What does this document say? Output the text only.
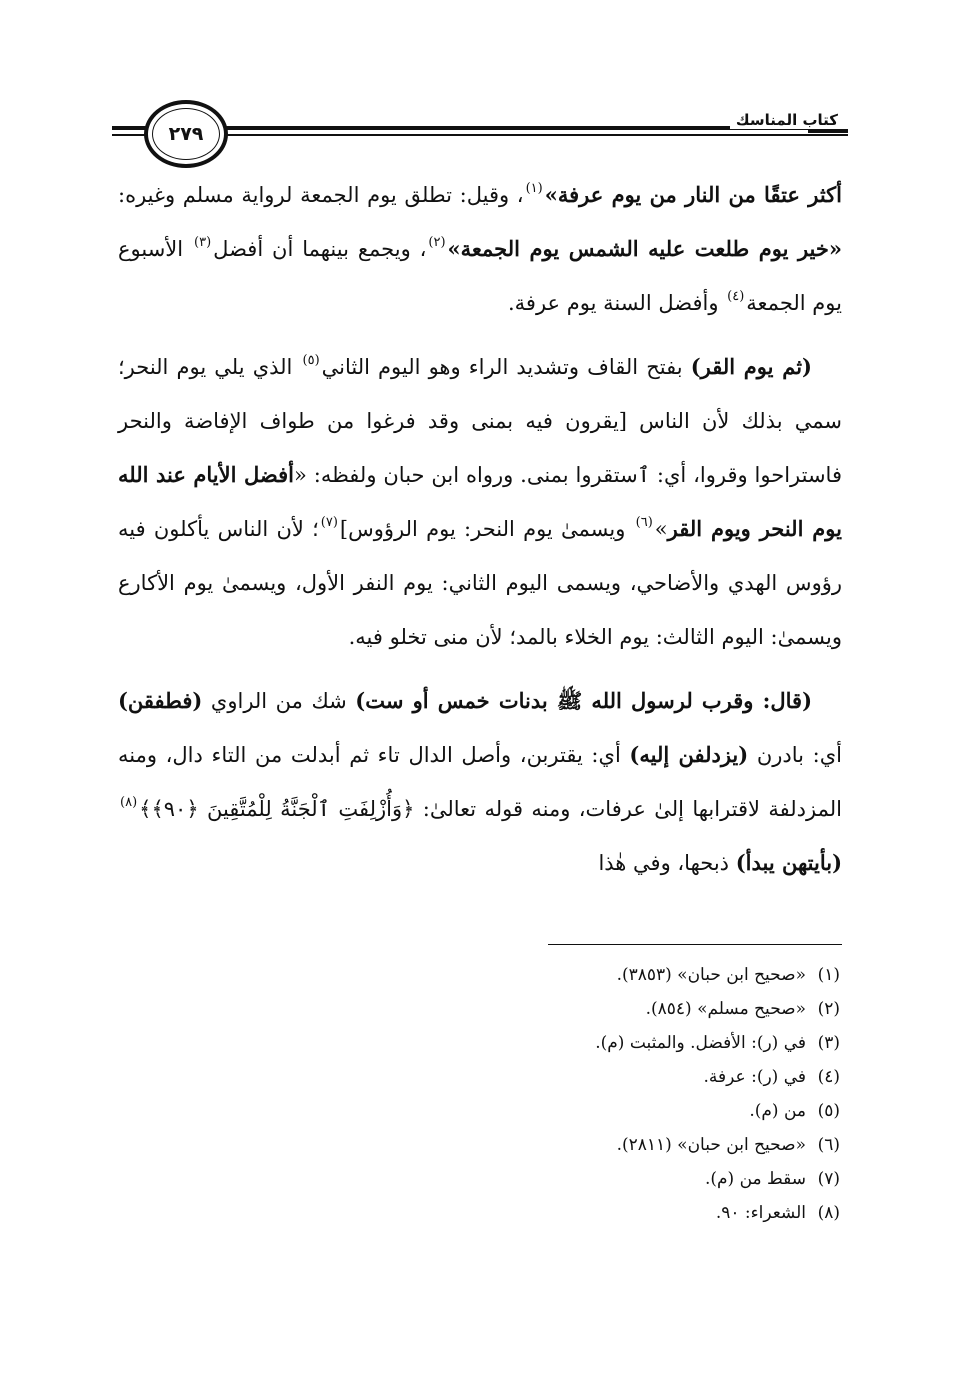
كتاب المناسك
٢٧٩

أكثر عتقًا من النار من يوم عرفة»$^{(١)}$، وقيل: تطلق يوم الجمعة لرواية مسلم وغيره: «خير يوم طلعت عليه الشمس يوم الجمعة»$^{(٢)}$، ويجمع بينهما أن أفضل$^{(٣)}$ الأسبوع يوم الجمعة$^{(٤)}$ وأفضل السنة يوم عرفة.

(ثم يوم القر) بفتح القاف وتشديد الراء وهو اليوم الثاني$^{(٥)}$ الذي يلي يوم النحر؛ سمي بذلك لأن الناس [يقرون فيه بمنى وقد فرغوا من طواف الإفاضة والنحر فاستراحوا وقروا، أي: ٱستقروا بمنى. ورواه ابن حبان ولفظه: «أفضل الأيام عند الله يوم النحر ويوم القر»$^{(٦)}$ ويسمىٰ يوم النحر: يوم الرؤوس]$^{(٧)}$؛ لأن الناس يأكلون فيه رؤوس الهدي والأضاحي، ويسمى اليوم الثاني: يوم النفر الأول، ويسمىٰ يوم الأكارع ويسمىٰ: اليوم الثالث: يوم الخلاء بالمد؛ لأن منى تخلو فيه.

(قال: وقرب لرسول الله ﷺ بدنات خمس أو ست) شك من الراوي (فطفقن) أي: بادرن (يزدلفن إليه) أي: يقتربن، وأصل الدال تاء ثم أبدلت من التاء دال، ومنه المزدلفة لاقترابها إلىٰ عرفات، ومنه قوله تعالىٰ: ﴿وَأُزْلِفَتِ ٱلْجَنَّةُ لِلْمُتَّقِينَ ﴿٩٠﴾﴾$^{(٨)}$ (بأيتهن يبدأ) ذبحها، وفي هٰذا

(١)«صحيح ابن حبان» (٣٨٥٣).
(٢)«صحيح مسلم» (٨٥٤).
(٣)في (ر): الأفضل. والمثبت (م).
(٤)في (ر): عرفة.
(٥)من (م).
(٦)«صحيح ابن حبان» (٢٨١١).
(٧)سقط من (م).
(٨)الشعراء: ٩٠.
